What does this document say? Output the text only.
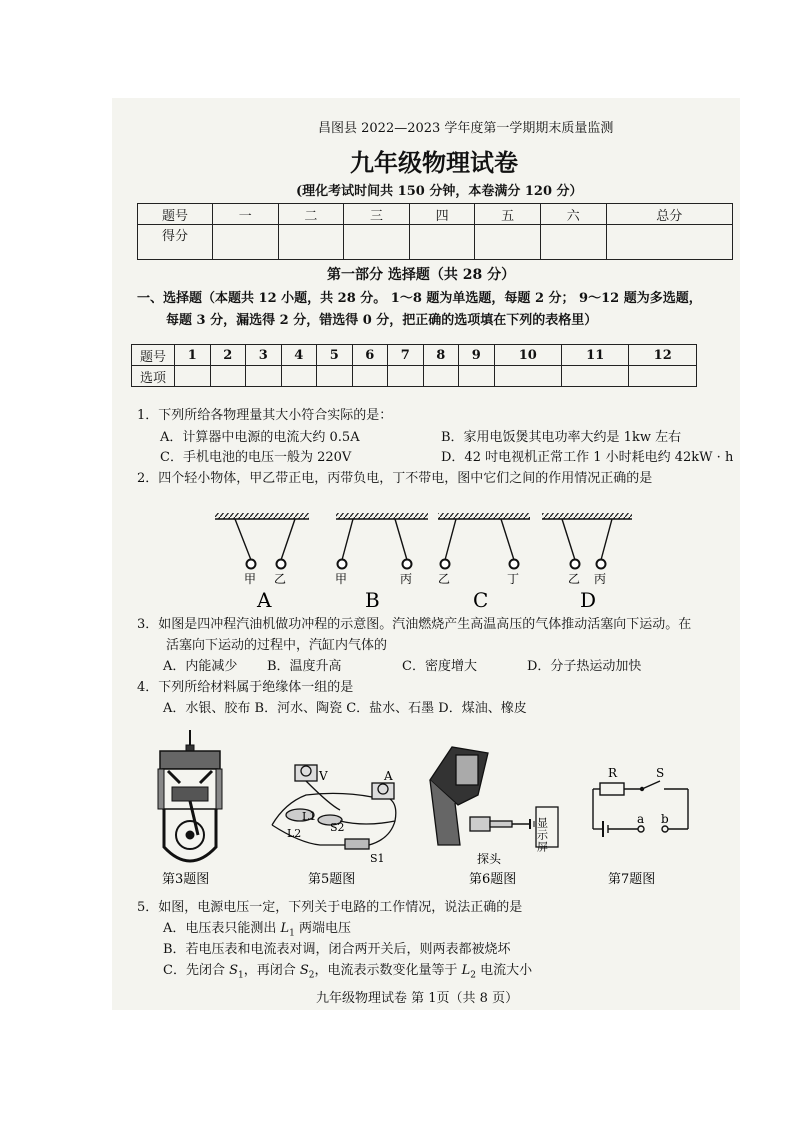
昌图县 2022—2023 学年度第一学期期末质量监测
九年级物理试卷
(理化考试时间共 150 分钟，本卷满分 120 分）
题号	一	二	三	四	五	六	总分
得分							
第一部分 选择题（共 28 分）
一、选择题（本题共 12 小题，共 28 分。 1～8 题为单选题，每题 2 分； 9～12 题为多选题，
每题 3 分，漏选得 2 分，错选得 0 分，把正确的选项填在下列的表格里）
题号	1	2	3	4	5	6	7	8	9	10	11	12
选项												
1．下列所给各物理量其大小符合实际的是：
A．计算器中电源的电流大约 0.5A	B．家用电饭煲其电功率大约是 1kw 左右
C．手机电池的电压一般为 220V	D．42 吋电视机正常工作 1 小时耗电约 42kW · h
2．四个轻小物体，甲乙带正电，丙带负电，丁不带电，图中它们之间的作用情况正确的是
甲 乙
A
甲	丙
B
乙	丁
C
乙 丙
D
3．如图是四冲程汽油机做功冲程的示意图。汽油燃烧产生高温高压的气体推动活塞向下运动。在
活塞向下运动的过程中，汽缸内气体的
A．内能减少 B．温度升高	C．密度增大	D．分子热运动加快
4．下列所给材料属于绝缘体一组的是
A．水银、胶布 B．河水、陶瓷 C．盐水、石墨 D．煤油、橡皮
第3题图
V	A
L1
S2
L2
S1
第5题图
显示屏
探头
第6题图
R	S
a b
第7题图
5．如图，电源电压一定，下列关于电路的工作情况，说法正确的是
A．电压表只能测出 $L_1$ 两端电压
B．若电压表和电流表对调，闭合两开关后，则两表都被烧坏
C．先闭合 $S_1$，再闭合 $S_2$，电流表示数变化量等于 $L_2$ 电流大小
九年级物理试卷 第 1页（共 8 页）
